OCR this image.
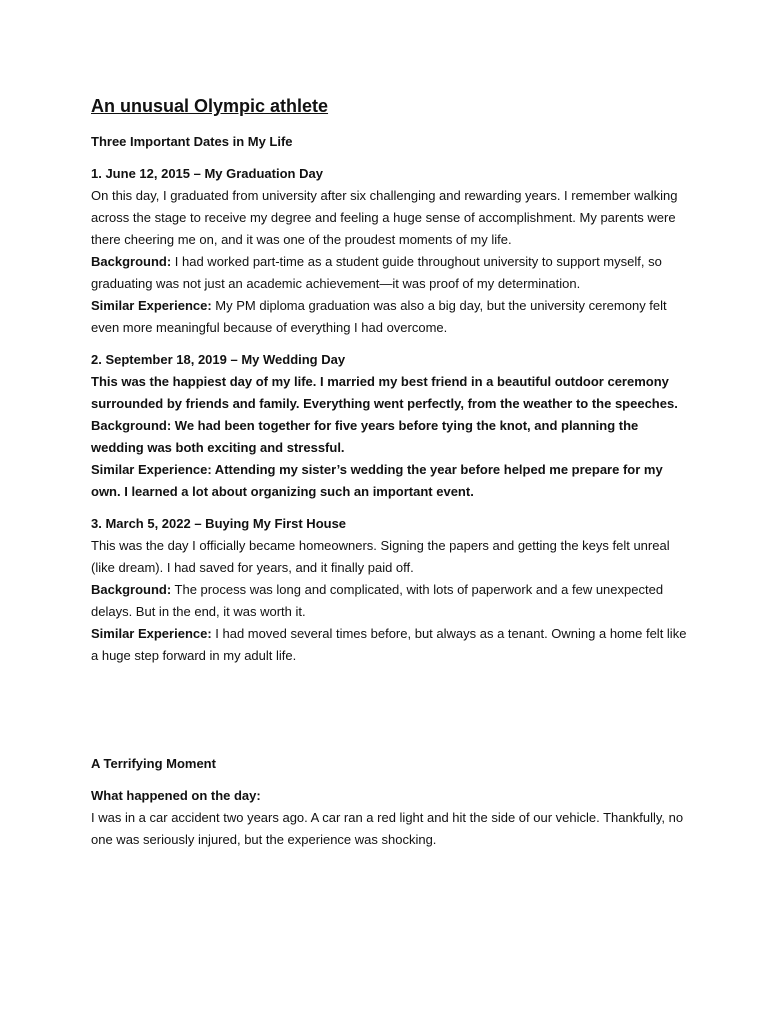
An unusual Olympic athlete
Three Important Dates in My Life
1. June 12, 2015 – My Graduation Day

On this day, I graduated from university after six challenging and rewarding years. I remember walking across the stage to receive my degree and feeling a huge sense of accomplishment. My parents were there cheering me on, and it was one of the proudest moments of my life.

Background: I had worked part-time as a student guide throughout university to support myself, so graduating was not just an academic achievement—it was proof of my determination.

Similar Experience: My PM diploma graduation was also a big day, but the university ceremony felt even more meaningful because of everything I had overcome.

2. September 18, 2019 – My Wedding Day

This was the happiest day of my life. I married my best friend in a beautiful outdoor ceremony surrounded by friends and family. Everything went perfectly, from the weather to the speeches.

Background: We had been together for five years before tying the knot, and planning the wedding was both exciting and stressful.

Similar Experience: Attending my sister’s wedding the year before helped me prepare for my own. I learned a lot about organizing such an important event.

3. March 5, 2022 – Buying My First House

This was the day I officially became homeowners. Signing the papers and getting the keys felt unreal (like dream). I had saved for years, and it finally paid off.

Background: The process was long and complicated, with lots of paperwork and a few unexpected delays. But in the end, it was worth it.

Similar Experience: I had moved several times before, but always as a tenant. Owning a home felt like a huge step forward in my adult life.

A Terrifying Moment
What happened on the day:

I was in a car accident two years ago. A car ran a red light and hit the side of our vehicle. Thankfully, no one was seriously injured, but the experience was shocking.
